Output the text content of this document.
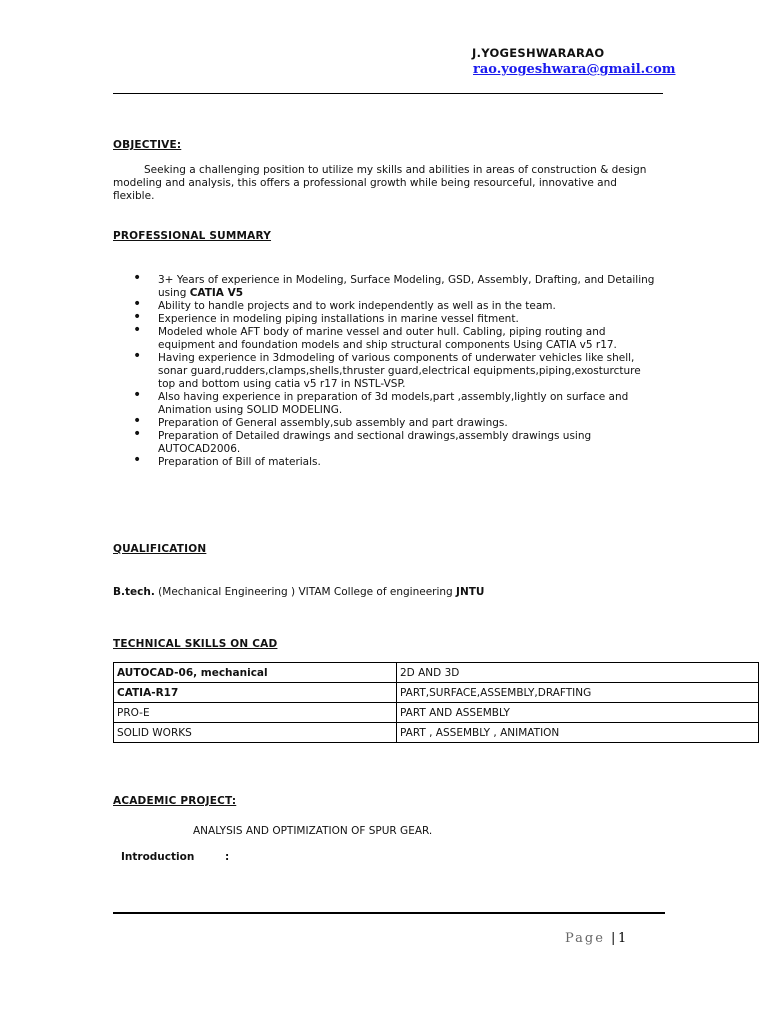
J.YOGESHWARARAO
rao.yogeshwara@gmail.com
OBJECTIVE:
Seeking a challenging position to utilize my skills and abilities in areas of construction & design modeling and analysis, this offers a professional growth while being resourceful, innovative and flexible.
PROFESSIONAL SUMMARY
• 3+ Years of experience in Modeling, Surface Modeling, GSD, Assembly, Drafting, and Detailing using CATIA V5
• Ability to handle projects and to work independently as well as in the team.
• Experience in modeling piping installations in marine vessel fitment.
• Modeled whole AFT body of marine vessel and outer hull. Cabling, piping routing and equipment and foundation models and ship structural components Using CATIA v5 r17.
• Having experience in 3dmodeling of various components of underwater vehicles like shell, sonar guard,rudders,clamps,shells,thruster guard,electrical equipments,piping,exosturcture top and bottom using catia v5 r17 in NSTL-VSP.
• Also having experience in preparation of 3d models,part ,assembly,lightly on surface and Animation using SOLID MODELING.
• Preparation of General assembly,sub assembly and part drawings.
• Preparation of Detailed drawings and sectional drawings,assembly drawings using AUTOCAD2006.
• Preparation of Bill of materials.
QUALIFICATION
B.tech. (Mechanical Engineering ) VITAM College of engineering JNTU
TECHNICAL SKILLS ON CAD
AUTOCAD-06, mechanical	2D AND 3D
CATIA-R17	PART,SURFACE,ASSEMBLY,DRAFTING
PRO-E	PART AND ASSEMBLY
SOLID WORKS	PART , ASSEMBLY , ANIMATION
ACADEMIC PROJECT:
ANALYSIS AND OPTIMIZATION OF SPUR GEAR.
Introduction	:
Page | 1
